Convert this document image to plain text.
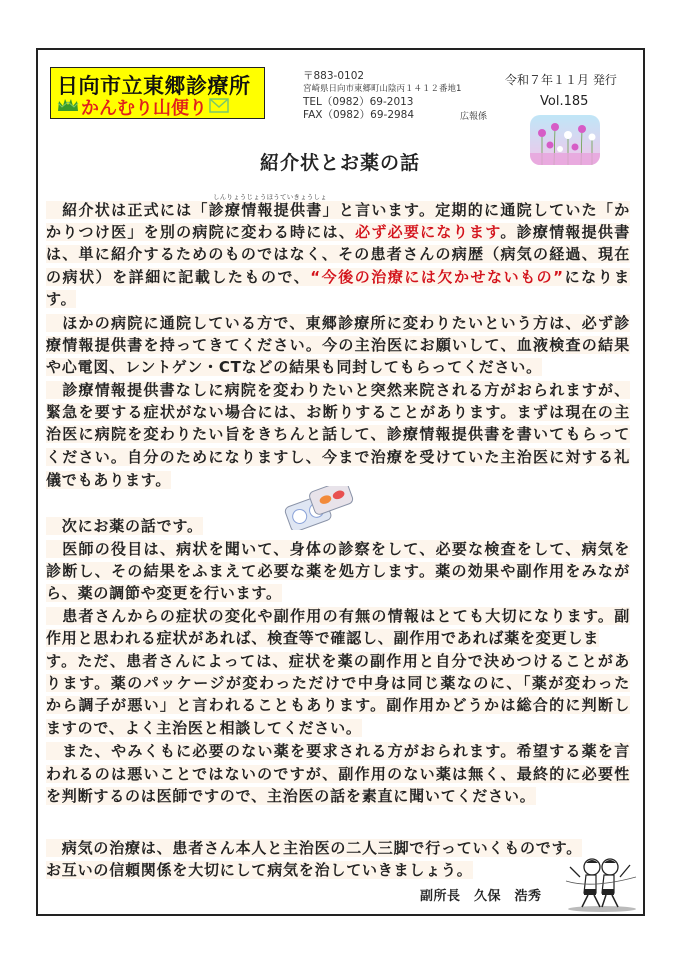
日向市立東郷診療所
かんむり山便り
〒883-0102
宮崎県日向市東郷町山陰丙１４１２番地1
TEL（0982）69-2013
FAX（0982）69-2984	広報係
令和７年１１月 発行
Vol.185
紹介状とお薬の話
しんりょうじょうほうていきょうしょ
　紹介状は正式には「診療情報提供書」と言います。定期的に通院していた「か
かりつけ医」を別の病院に変わる時には、必ず必要になります。診療情報提供書
は、単に紹介するためのものではなく、その患者さんの病歴（病気の経過、現在
の病状）を詳細に記載したもので、“今後の治療には欠かせないもの”になりま
す。
　ほかの病院に通院している方で、東郷診療所に変わりたいという方は、必ず診
療情報提供書を持ってきてください。今の主治医にお願いして、血液検査の結果
や心電図、レントゲン・CTなどの結果も同封してもらってください。
　診療情報提供書なしに病院を変わりたいと突然来院される方がおられますが、
緊急を要する症状がない場合には、お断りすることがあります。まずは現在の主
治医に病院を変わりたい旨をきちんと話して、診療情報提供書を書いてもらって
ください。自分のためになりますし、今まで治療を受けていた主治医に対する礼
儀でもあります。
　次にお薬の話です。
　医師の役目は、病状を聞いて、身体の診察をして、必要な検査をして、病気を
診断し、その結果をふまえて必要な薬を処方します。薬の効果や副作用をみなが
ら、薬の調節や変更を行います。
　患者さんからの症状の変化や副作用の有無の情報はとても大切になります。副
作用と思われる症状があれば、検査等で確認し、副作用であれば薬を変更しま
す。ただ、患者さんによっては、症状を薬の副作用と自分で決めつけることがあ
ります。薬のパッケージが変わっただけで中身は同じ薬なのに、「薬が変わった
から調子が悪い」と言われることもあります。副作用かどうかは総合的に判断し
ますので、よく主治医と相談してください。
　また、やみくもに必要のない薬を要求される方がおられます。希望する薬を言
われるのは悪いことではないのですが、副作用のない薬は無く、最終的に必要性
を判断するのは医師ですので、主治医の話を素直に聞いてください。
　病気の治療は、患者さん本人と主治医の二人三脚で行っていくものです。
お互いの信頼関係を大切にして病気を治していきましょう。
副所長　久保　浩秀
